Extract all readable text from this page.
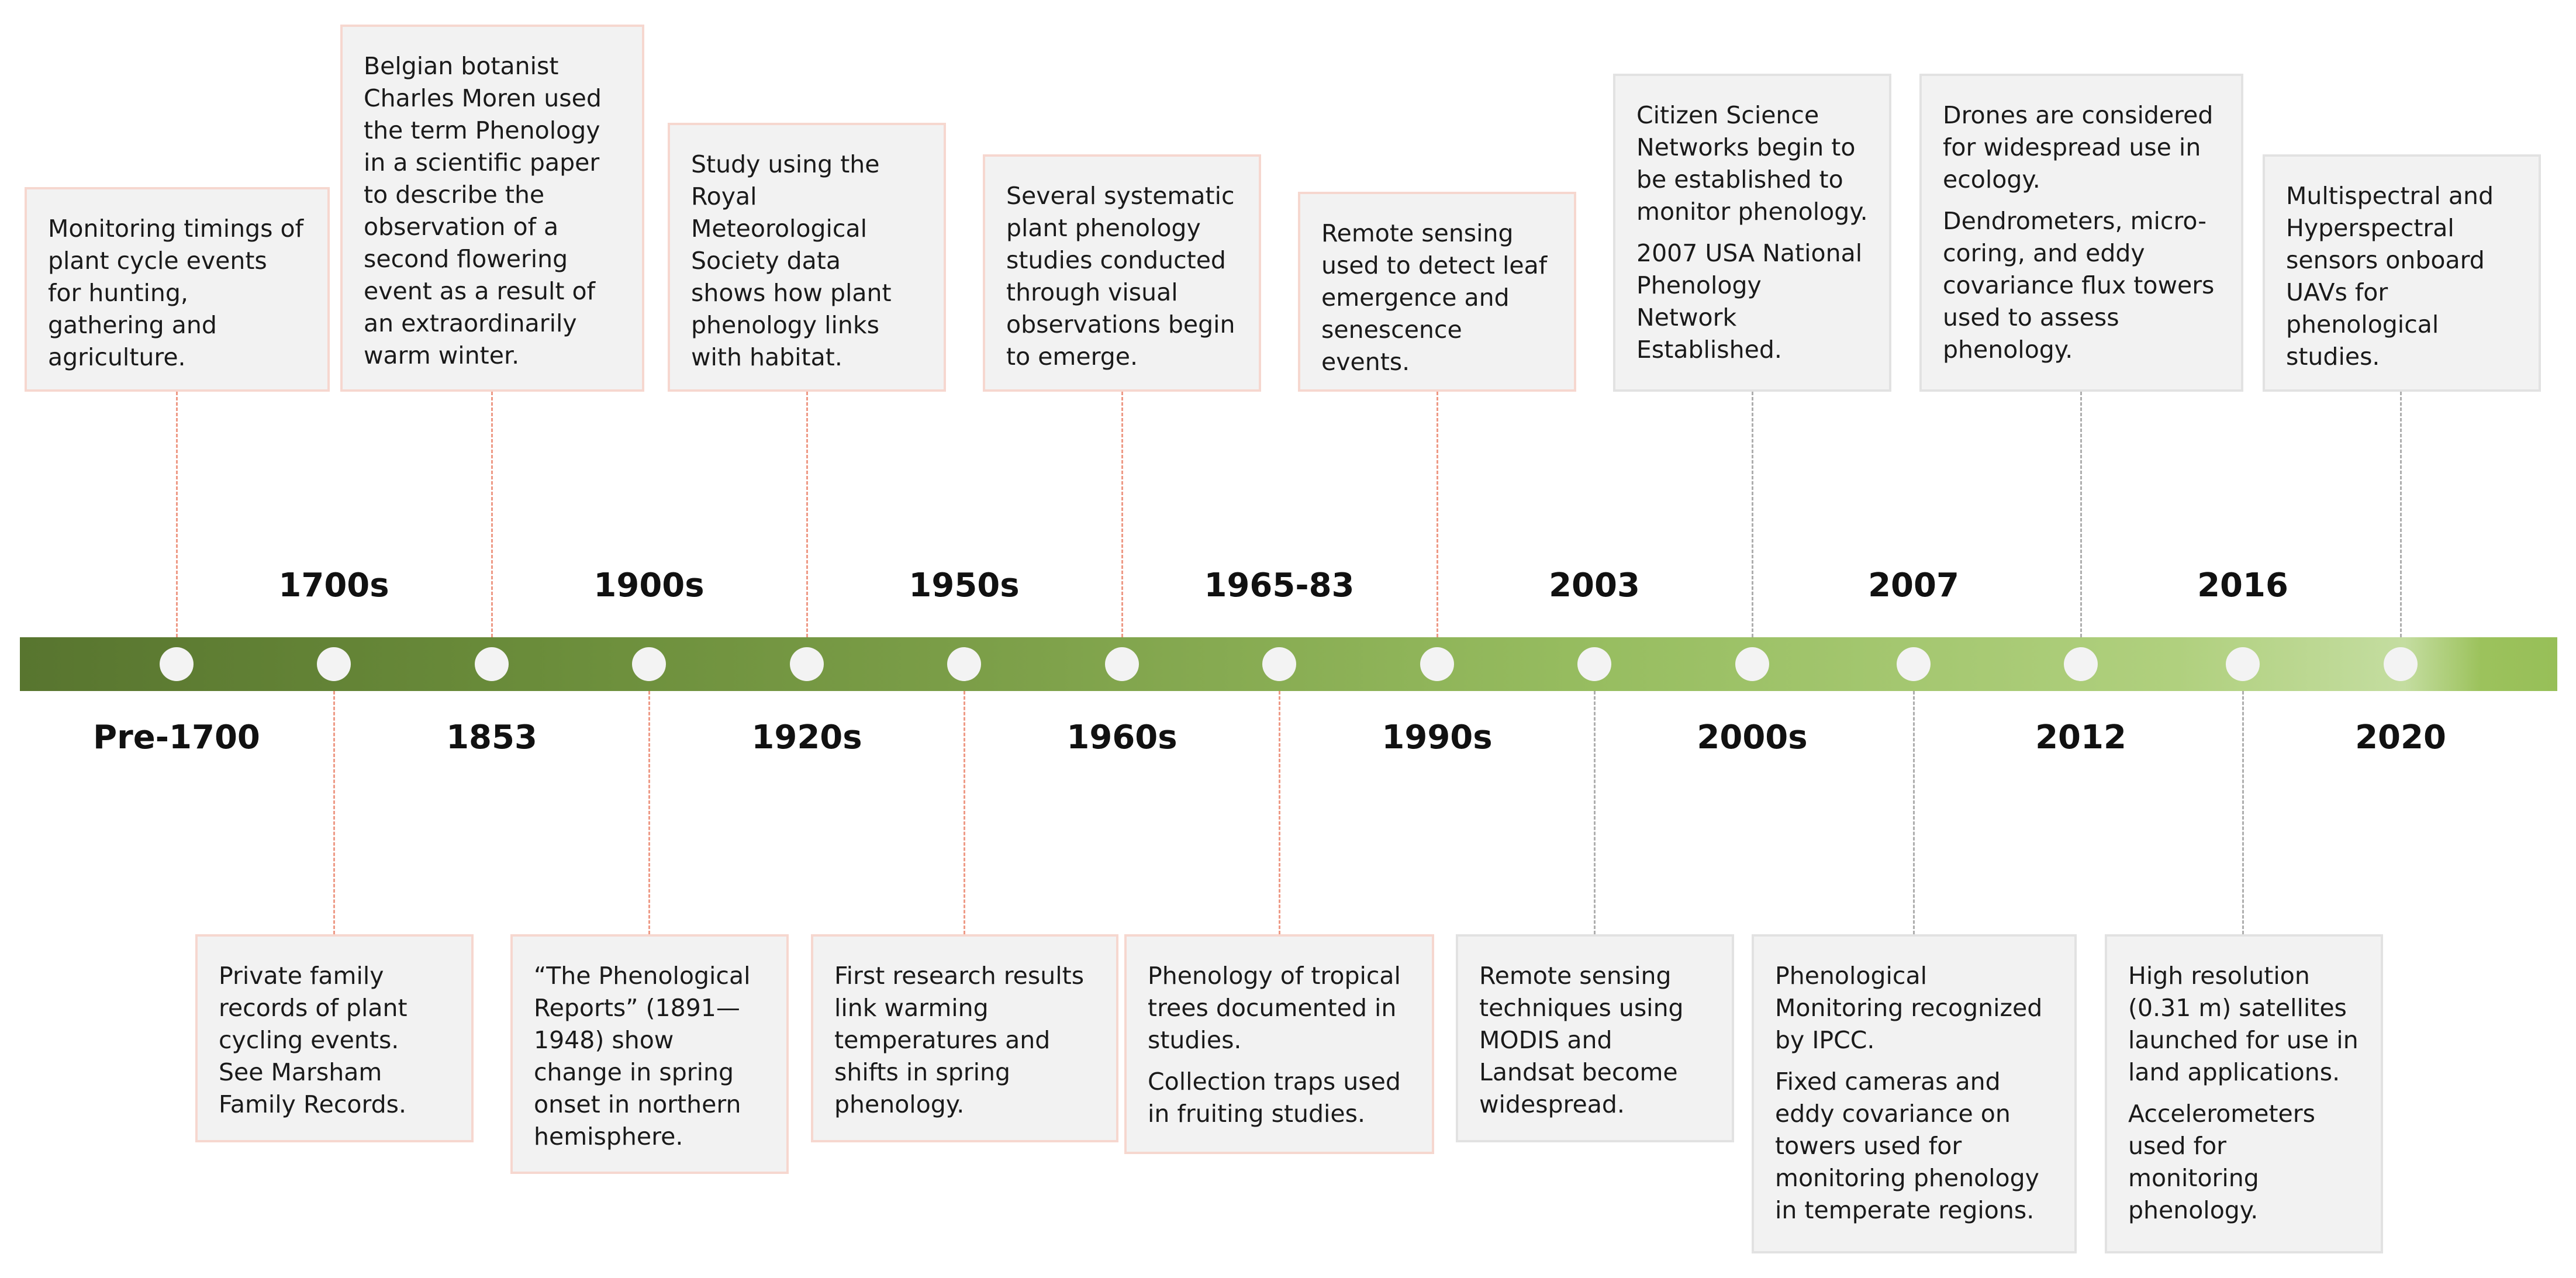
1700s	1900s	1950s	1965-83	2003	2007	2016
Pre-1700	1853	1920s	1960s	1990s	2000s	2012	2020

Monitoring timings of plant cycle events for hunting, gathering and agriculture.

Belgian botanist Charles Moren used the term Phenology in a scientific paper to describe the observation of a second flowering event as a result of an extraordinarily warm winter.

Study using the Royal Meteorological Society data shows how plant phenology links with habitat.

Several systematic plant phenology studies conducted through visual observations begin to emerge.

Remote sensing used to detect leaf emergence and senescence events.

Citizen Science Networks begin to be established to monitor phenology.

2007 USA National Phenology Network Established.

Drones are considered for widespread use in ecology.

Dendrometers, micro-coring, and eddy covariance flux towers used to assess phenology.

Multispectral and Hyperspectral sensors onboard UAVs for phenological studies.

Private family records of plant cycling events. See Marsham Family Records.

“The Phenological Reports” (1891—1948) show change in spring onset in northern hemisphere.

First research results link warming temperatures and shifts in spring phenology.

Phenology of tropical trees documented in studies.

Collection traps used in fruiting studies.

Remote sensing techniques using MODIS and Landsat become widespread.

Phenological Monitoring recognized by IPCC.

Fixed cameras and eddy covariance on towers used for monitoring phenology in temperate regions.

High resolution (0.31 m) satellites launched for use in land applications.

Accelerometers used for monitoring phenology.
